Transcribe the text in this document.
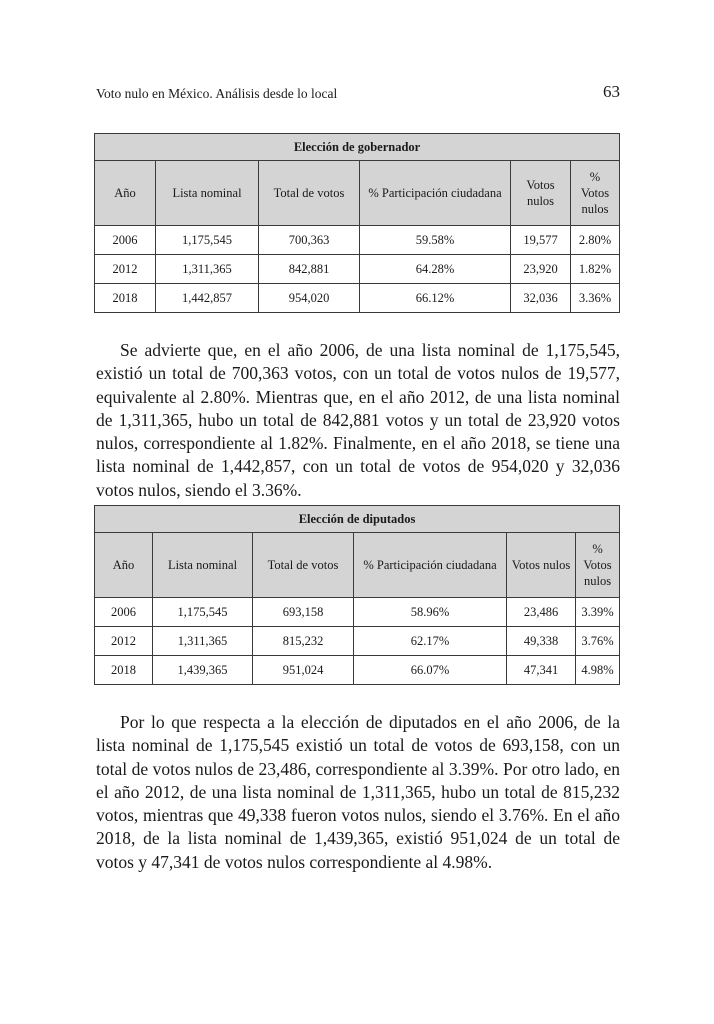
Voto nulo en México. Análisis desde lo local	63
Elección de gobernador					
Año	Lista nominal	Total de votos	% Participación ciudadana	Votos nulos	% Votos nulos
2006	1,175,545	700,363	59.58%	19,577	2.80%
2012	1,311,365	842,881	64.28%	23,920	1.82%
2018	1,442,857	954,020	66.12%	32,036	3.36%

Se advierte que, en el año 2006, de una lista nominal de 1,175,545, existió un total de 700,363 votos, con un total de votos nulos de 19,577, equivalente al 2.80%. Mientras que, en el año 2012, de una lista nominal de 1,311,365, hubo un total de 842,881 votos y un total de 23,920 votos nulos, correspondiente al 1.82%. Finalmente, en el año 2018, se tiene una lista nominal de 1,442,857, con un total de votos de 954,020 y 32,036 votos nulos, siendo el 3.36%.

Elección de diputados					
Año	Lista nominal	Total de votos	% Participación ciudadana	Votos nulos	% Votos nulos
2006	1,175,545	693,158	58.96%	23,486	3.39%
2012	1,311,365	815,232	62.17%	49,338	3.76%
2018	1,439,365	951,024	66.07%	47,341	4.98%

Por lo que respecta a la elección de diputados en el año 2006, de la lista nominal de 1,175,545 existió un total de votos de 693,158, con un total de votos nulos de 23,486, correspondiente al 3.39%. Por otro lado, en el año 2012, de una lista nominal de 1,311,365, hubo un total de 815,232 votos, mientras que 49,338 fueron votos nulos, siendo el 3.76%. En el año 2018, de la lista nominal de 1,439,365, existió 951,024 de un total de votos y 47,341 de votos nulos correspondiente al 4.98%.
